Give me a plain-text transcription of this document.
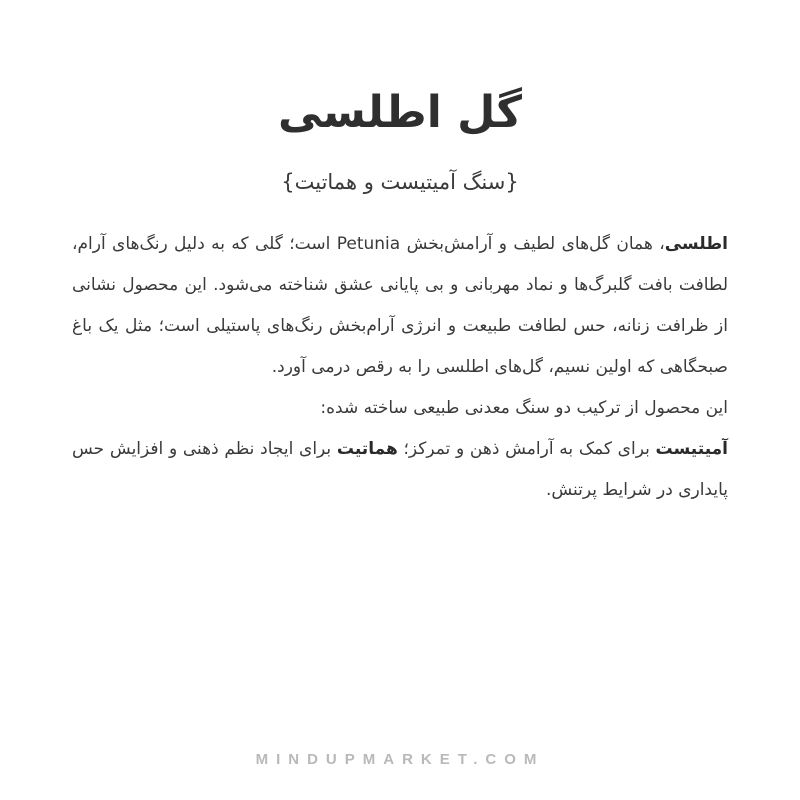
گل اطلسی
{سنگ آمیتیست و هماتیت}

اطلسی، همان گل‌های لطیف و آرامش‌بخش Petunia است؛ گلی که به دلیل رنگ‌های آرام، لطافت بافت گلبرگ‌ها و نماد مهربانی و بی پایانی عشق شناخته می‌شود. این محصول نشانی از ظرافت زنانه، حس لطافت طبیعت و انرژی آرام‌بخش رنگ‌های پاستیلی است؛ مثل یک باغ صبحگاهی که اولین نسیم، گل‌های اطلسی را به رقص درمی آورد.

این محصول از ترکیب دو سنگ معدنی طبیعی ساخته شده:
آمیتیست برای کمک به آرامش ذهن و تمرکز؛ هماتیت برای ایجاد نظم ذهنی و افزایش حس پایداری در شرایط پرتنش.

MINDUPMARKET.COM
